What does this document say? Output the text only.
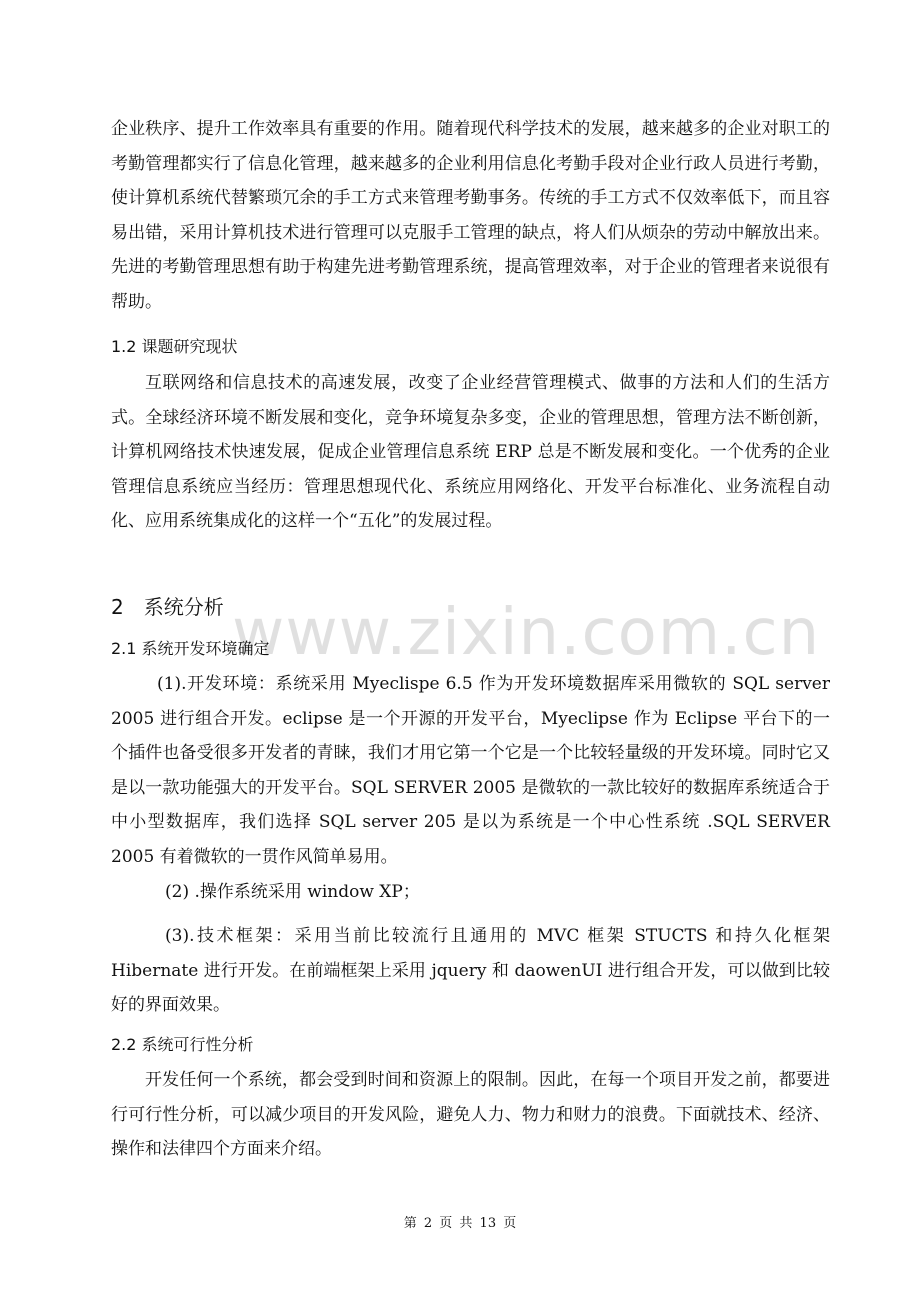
企业秩序、提升工作效率具有重要的作用。随着现代科学技术的发展，越来越多的企业对职工的考勤管理都实行了信息化管理，越来越多的企业利用信息化考勤手段对企业行政人员进行考勤，使计算机系统代替繁琐冗余的手工方式来管理考勤事务。传统的手工方式不仅效率低下，而且容易出错，采用计算机技术进行管理可以克服手工管理的缺点，将人们从烦杂的劳动中解放出来。先进的考勤管理思想有助于构建先进考勤管理系统，提高管理效率，对于企业的管理者来说很有帮助。

1.2 课题研究现状

互联网络和信息技术的高速发展，改变了企业经营管理模式、做事的方法和人们的生活方式。全球经济环境不断发展和变化，竞争环境复杂多变，企业的管理思想，管理方法不断创新，计算机网络技术快速发展，促成企业管理信息系统 ERP 总是不断发展和变化。一个优秀的企业管理信息系统应当经历：管理思想现代化、系统应用网络化、开发平台标准化、业务流程自动化、应用系统集成化的这样一个“五化”的发展过程。

2　系统分析
2.1 系统开发环境确定

(1).开发环境：系统采用 Myeclispe 6.5 作为开发环境数据库采用微软的 SQL server 2005 进行组合开发。eclipse 是一个开源的开发平台，Myeclipse 作为 Eclipse 平台下的一个插件也备受很多开发者的青睐，我们才用它第一个它是一个比较轻量级的开发环境。同时它又是以一款功能强大的开发平台。SQL SERVER 2005 是微软的一款比较好的数据库系统适合于中小型数据库，我们选择 SQL server 205 是以为系统是一个中心性系统 .SQL SERVER 2005 有着微软的一贯作风简单易用。

(2) .操作系统采用 window XP；

(3).技术框架：采用当前比较流行且通用的 MVC 框架 STUCTS 和持久化框架 Hibernate 进行开发。在前端框架上采用 jquery 和 daowenUI 进行组合开发，可以做到比较好的界面效果。

2.2 系统可行性分析

开发任何一个系统，都会受到时间和资源上的限制。因此，在每一个项目开发之前，都要进行可行性分析，可以减少项目的开发风险，避免人力、物力和财力的浪费。下面就技术、经济、操作和法律四个方面来介绍。

www.zixin.com.cn
第 2 页 共 13 页
